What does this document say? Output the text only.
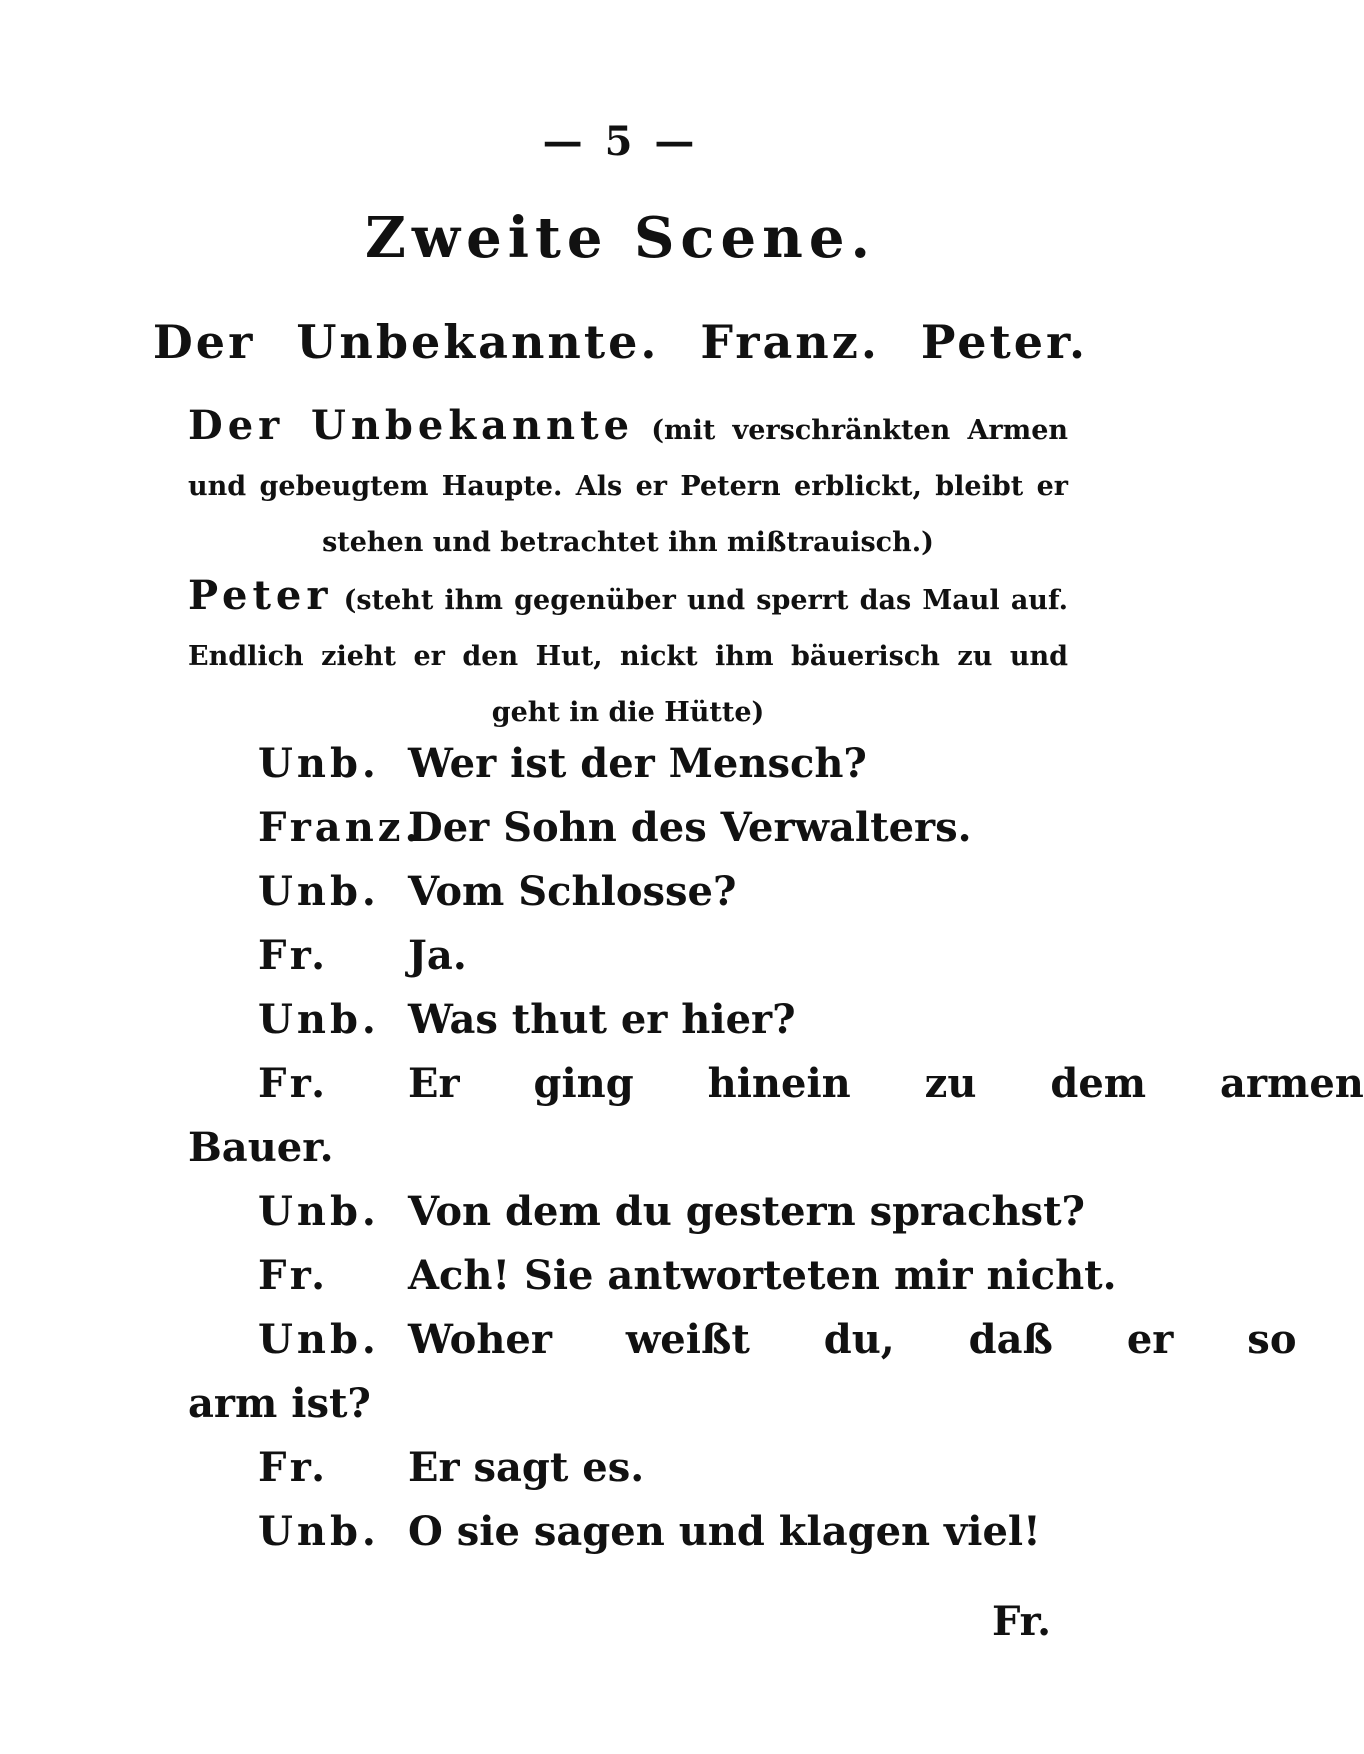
— 5 —
Zweite Scene.
Der Unbekannte. Franz. Peter.
Der Unbekannte (mit verschränkten Armen und gebeugtem Haupte. Als er Petern erblickt, bleibt er stehen und betrachtet ihn mißtrauisch.)
Peter (steht ihm gegenüber und sperrt das Maul auf. Endlich zieht er den Hut, nickt ihm bäuerisch zu und geht in die Hütte)
Unb. Wer ist der Mensch?
Franz.Der Sohn des Verwalters.
Unb. Vom Schlosse?
Fr. Ja.
Unb. Was thut er hier?
Fr. Er ging hinein zu dem armen
Bauer.
Unb. Von dem du gestern sprachst?
Fr. Ach! Sie antworteten mir nicht.
Unb. Woher weißt du, daß er so
arm ist?
Fr. Er sagt es.
Unb. O sie sagen und klagen viel!
Fr.
